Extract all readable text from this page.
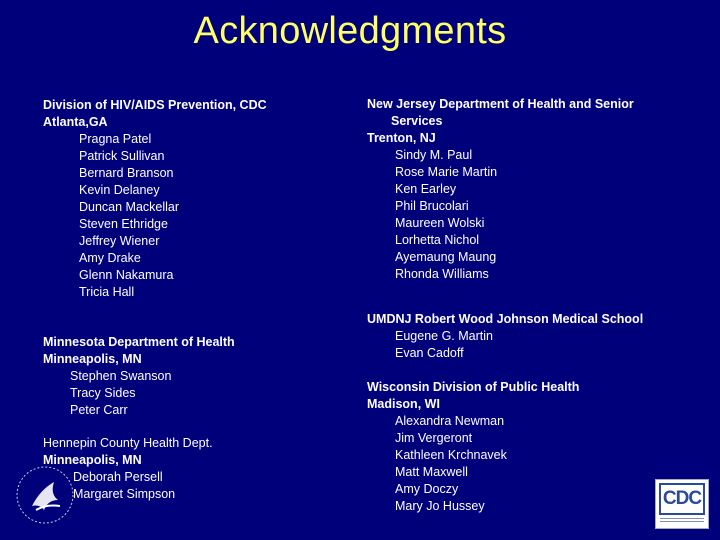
Acknowledgments
Division of HIV/AIDS Prevention, CDC
Atlanta,GA
Pragna Patel
Patrick Sullivan
Bernard Branson
Kevin Delaney
Duncan Mackellar
Steven Ethridge
Jeffrey Wiener
Amy Drake
Glenn Nakamura
Tricia Hall
Minnesota Department of Health
Minneapolis, MN
Stephen Swanson
Tracy Sides
Peter Carr
Hennepin County Health Dept.
Minneapolis, MN
Deborah Persell
Margaret Simpson
New Jersey Department of Health and Senior
Services
Trenton, NJ
Sindy M. Paul
Rose Marie Martin
Ken Earley
Phil Brucolari
Maureen Wolski
Lorhetta Nichol
Ayemaung Maung
Rhonda Williams
UMDNJ Robert Wood Johnson Medical School
Eugene G. Martin
Evan Cadoff
Wisconsin Division of Public Health
Madison, WI
Alexandra Newman
Jim Vergeront
Kathleen Krchnavek
Matt Maxwell
Amy Doczy
Mary Jo Hussey	CDC
